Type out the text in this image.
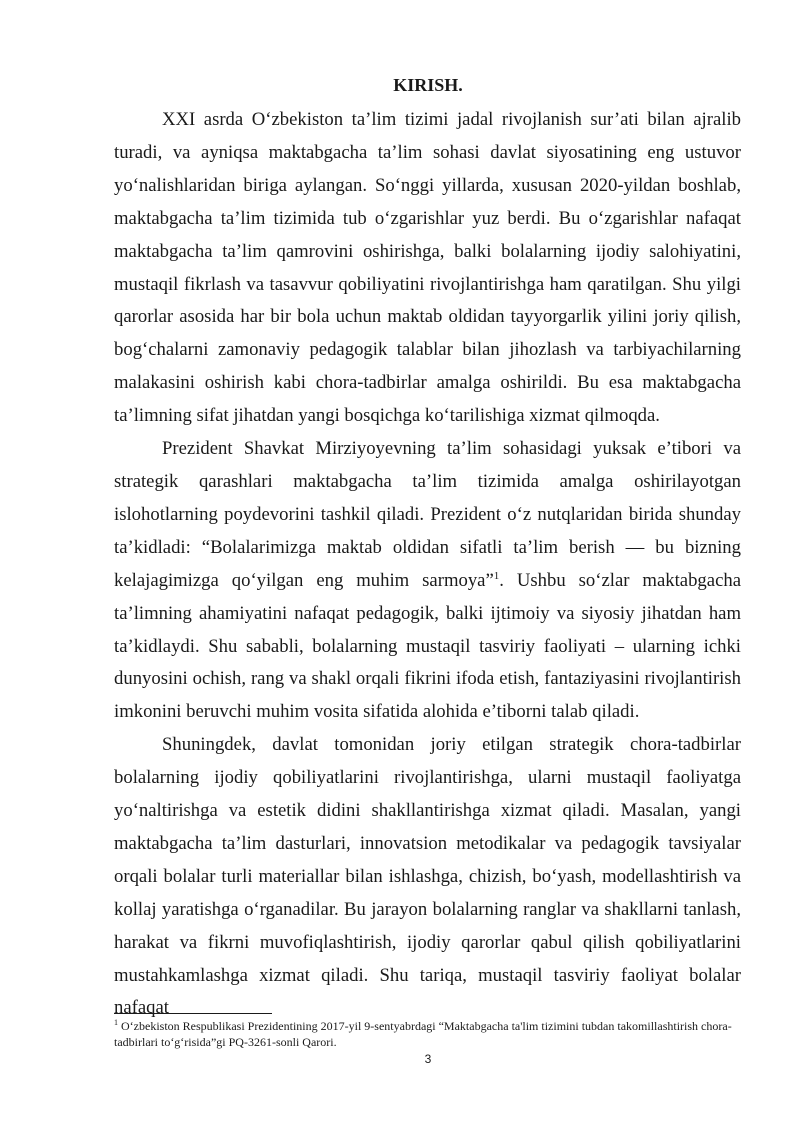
KIRISH.

XXI asrda O‘zbekiston ta’lim tizimi jadal rivojlanish sur’ati bilan ajralib turadi, va ayniqsa maktabgacha ta’lim sohasi davlat siyosatining eng ustuvor yo‘nalishlaridan biriga aylangan. So‘nggi yillarda, xususan 2020-yildan boshlab, maktabgacha ta’lim tizimida tub o‘zgarishlar yuz berdi. Bu o‘zgarishlar nafaqat maktabgacha ta’lim qamrovini oshirishga, balki bolalarning ijodiy salohiyatini, mustaqil fikrlash va tasavvur qobiliyatini rivojlantirishga ham qaratilgan. Shu yilgi qarorlar asosida har bir bola uchun maktab oldidan tayyorgarlik yilini joriy qilish, bog‘chalarni zamonaviy pedagogik talablar bilan jihozlash va tarbiyachilarning malakasini oshirish kabi chora-tadbirlar amalga oshirildi. Bu esa maktabgacha ta’limning sifat jihatdan yangi bosqichga ko‘tarilishiga xizmat qilmoqda.

Prezident Shavkat Mirziyoyevning ta’lim sohasidagi yuksak e’tibori va strategik qarashlari maktabgacha ta’lim tizimida amalga oshirilayotgan islohotlarning poydevorini tashkil qiladi. Prezident o‘z nutqlaridan birida shunday ta’kidladi: “Bolalarimizga maktab oldidan sifatli ta’lim berish — bu bizning kelajagimizga qo‘yilgan eng muhim sarmoya”$^1$. Ushbu so‘zlar maktabgacha ta’limning ahamiyatini nafaqat pedagogik, balki ijtimoiy va siyosiy jihatdan ham ta’kidlaydi. Shu sababli, bolalarning mustaqil tasviriy faoliyati – ularning ichki dunyosini ochish, rang va shakl orqali fikrini ifoda etish, fantaziyasini rivojlantirish imkonini beruvchi muhim vosita sifatida alohida e’tiborni talab qiladi.

Shuningdek, davlat tomonidan joriy etilgan strategik chora-tadbirlar bolalarning ijodiy qobiliyatlarini rivojlantirishga, ularni mustaqil faoliyatga yo‘naltirishga va estetik didini shakllantirishga xizmat qiladi. Masalan, yangi maktabgacha ta’lim dasturlari, innovatsion metodikalar va pedagogik tavsiyalar orqali bolalar turli materiallar bilan ishlashga, chizish, bo‘yash, modellashtirish va kollaj yaratishga o‘rganadilar. Bu jarayon bolalarning ranglar va shakllarni tanlash, harakat va fikrni muvofiqlashtirish, ijodiy qarorlar qabul qilish qobiliyatlarini mustahkamlashga xizmat qiladi. Shu tariqa, mustaqil tasviriy faoliyat bolalar nafaqat

$^1$ O‘zbekiston Respublikasi Prezidentining 2017-yil 9-sentyabrdagi “Maktabgacha ta'lim tizimini tubdan takomillashtirish chora-tadbirlari to‘g‘risida”gi PQ-3261-sonli Qarori.
3
